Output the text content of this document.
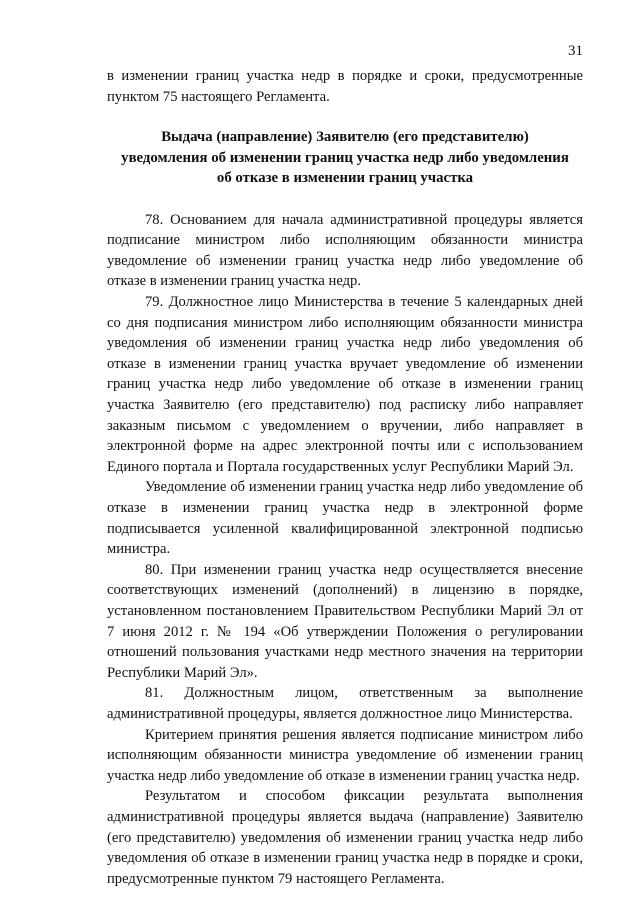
31

в изменении границ участка недр в порядке и сроки, предусмотренные пунктом 75 настоящего Регламента.

Выдача (направление) Заявителю (его представителю)
уведомления об изменении границ участка недр либо уведомления
об отказе в изменении границ участка

78. Основанием для начала административной процедуры является подписание министром либо исполняющим обязанности министра уведомление об изменении границ участка недр либо уведомление об отказе в изменении границ участка недр.

79. Должностное лицо Министерства в течение 5 календарных дней со дня подписания министром либо исполняющим обязанности министра уведомления об изменении границ участка недр либо уведомления об отказе в изменении границ участка вручает уведомление об изменении границ участка недр либо уведомление об отказе в изменении границ участка Заявителю (его представителю) под расписку либо направляет заказным письмом с уведомлением о вручении, либо направляет в электронной форме на адрес электронной почты или с использованием Единого портала и Портала государственных услуг Республики Марий Эл.

Уведомление об изменении границ участка недр либо уведомление об отказе в изменении границ участка недр в электронной форме подписывается усиленной квалифицированной электронной подписью министра.

80. При изменении границ участка недр осуществляется внесение соответствующих изменений (дополнений) в лицензию в порядке, установленном постановлением Правительством Республики Марий Эл от 7 июня 2012 г. № 194 «Об утверждении Положения о регулировании отношений пользования участками недр местного значения на территории Республики Марий Эл».

81. Должностным лицом, ответственным за выполнение административной процедуры, является должностное лицо Министерства.

Критерием принятия решения является подписание министром либо исполняющим обязанности министра уведомление об изменении границ участка недр либо уведомление об отказе в изменении границ участка недр.

Результатом и способом фиксации результата выполнения административной процедуры является выдача (направление) Заявителю (его представителю) уведомления об изменении границ участка недр либо уведомления об отказе в изменении границ участка недр в порядке и сроки, предусмотренные пунктом 79 настоящего Регламента.
